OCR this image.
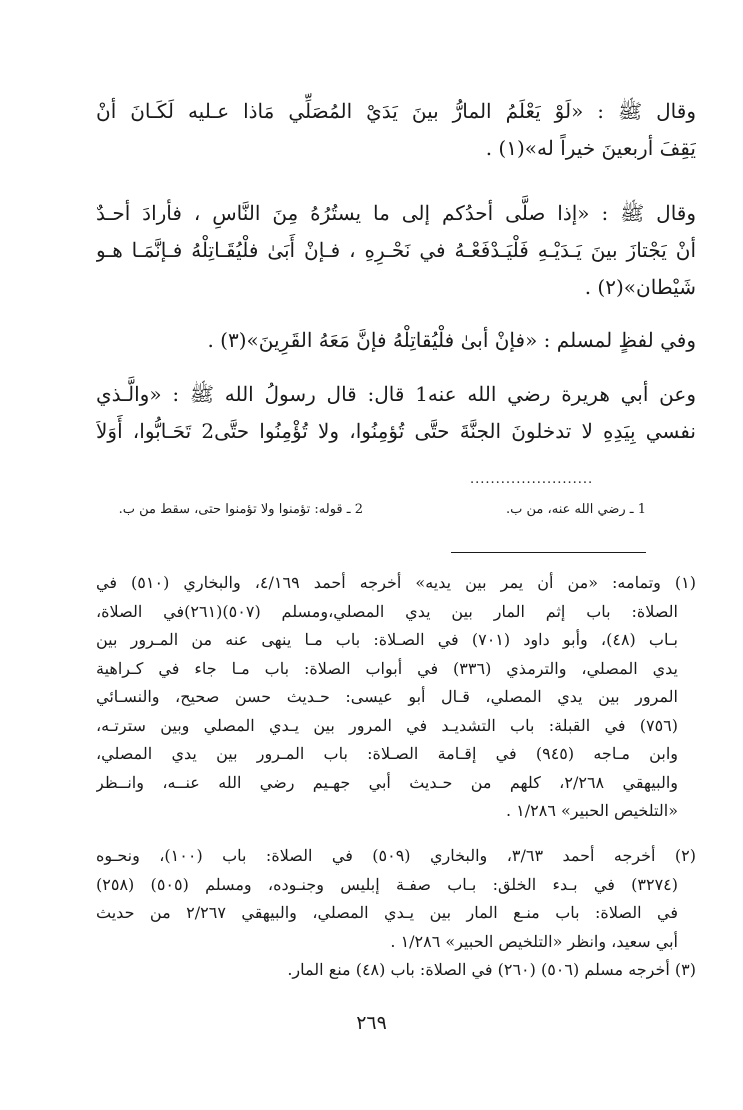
وقال ﷺ : «لَوْ يَعْلَمُ المارُّ بينَ يَدَيْ المُصَلِّي مَاذا عـليه لَكَـانَ أنْ
يَقِفَ أربعينَ خيراً له»(١) .
وقال ﷺ : «إذا صلَّى أحدُكم إلى ما يستُرُهُ مِنَ النَّاسِ ، فأرادَ أحـدٌ
أنْ يَجْتازَ بينَ يَـدَيْـهِ فَلْيَـدْفَعْـهُ في نَحْـرِهِ ، فـإنْ أَبَىٰ فلْيُقَـاتِلْهُ فـإنَّمَـا هـو
شَيْطان»(٢) .
وفي لفظٍ لمسلم : «فإنْ أبىٰ فلْيُقاتِلْهُ فإنَّ مَعَهُ القَرِينَ»(٣) .
وعن أبي هريرة رضي الله عنه1 قال: قال رسولُ الله ﷺ : «والَّـذي
نفسي بِيَدِهِ لا تدخلونَ الجنَّةَ حتَّى تُؤمِنُوا، ولا تُؤْمِنُوا حتَّى2 تَحَـابُّوا، أَوَلاَ
........................
1 ـ رضي الله عنه، من ب.
2 ـ قوله: تؤمنوا ولا تؤمنوا حتى، سقط من ب.
(١) وتمامه: «من أن يمر بين يديه» أخرجه أحمد ٤/١٦٩، والبخاري (٥١٠) في
الصلاة: باب إثم المار بين يدي المصلي،ومسلم (٥٠٧)(٢٦١)في الصلاة،
بـاب (٤٨)، وأبو داود (٧٠١) في الصـلاة: باب مـا ينهى عنه من المـرور بين
يدي المصلي، والترمذي (٣٣٦) في أبواب الصلاة: باب مـا جاء في كـراهية
المرور بين يدي المصلي، قـال أبو عيسى: حـديث حسن صحيح، والنسـائي
(٧٥٦) في القبلة: باب التشديـد في المرور بين يـدي المصلي وبين سترتـه،
وابن مـاجه (٩٤٥) في إقـامة الصـلاة: باب المـرور بين يدي المصلي،
والبيهقي ٢/٢٦٨، كلهم من حـديث أبي جهـيم رضي الله عنــه، وانــظر
«التلخيص الحبير» ١/٢٨٦ .
(٢) أخرجه أحمد ٣/٦٣، والبخاري (٥٠٩) في الصلاة: باب (١٠٠)، ونحـوه
(٣٢٧٤) في بـدء الخلق: بـاب صفـة إبليس وجنـوده، ومسلم (٥٠٥) (٢٥٨)
في الصلاة: باب منـع المار بين يـدي المصلي، والبيهقي ٢/٢٦٧ من حديث
أبي سعيد، وانظر «التلخيص الحبير» ١/٢٨٦ .
(٣) أخرجه مسلم (٥٠٦) (٢٦٠) في الصلاة: باب (٤٨) منع المار.
٢٦٩
